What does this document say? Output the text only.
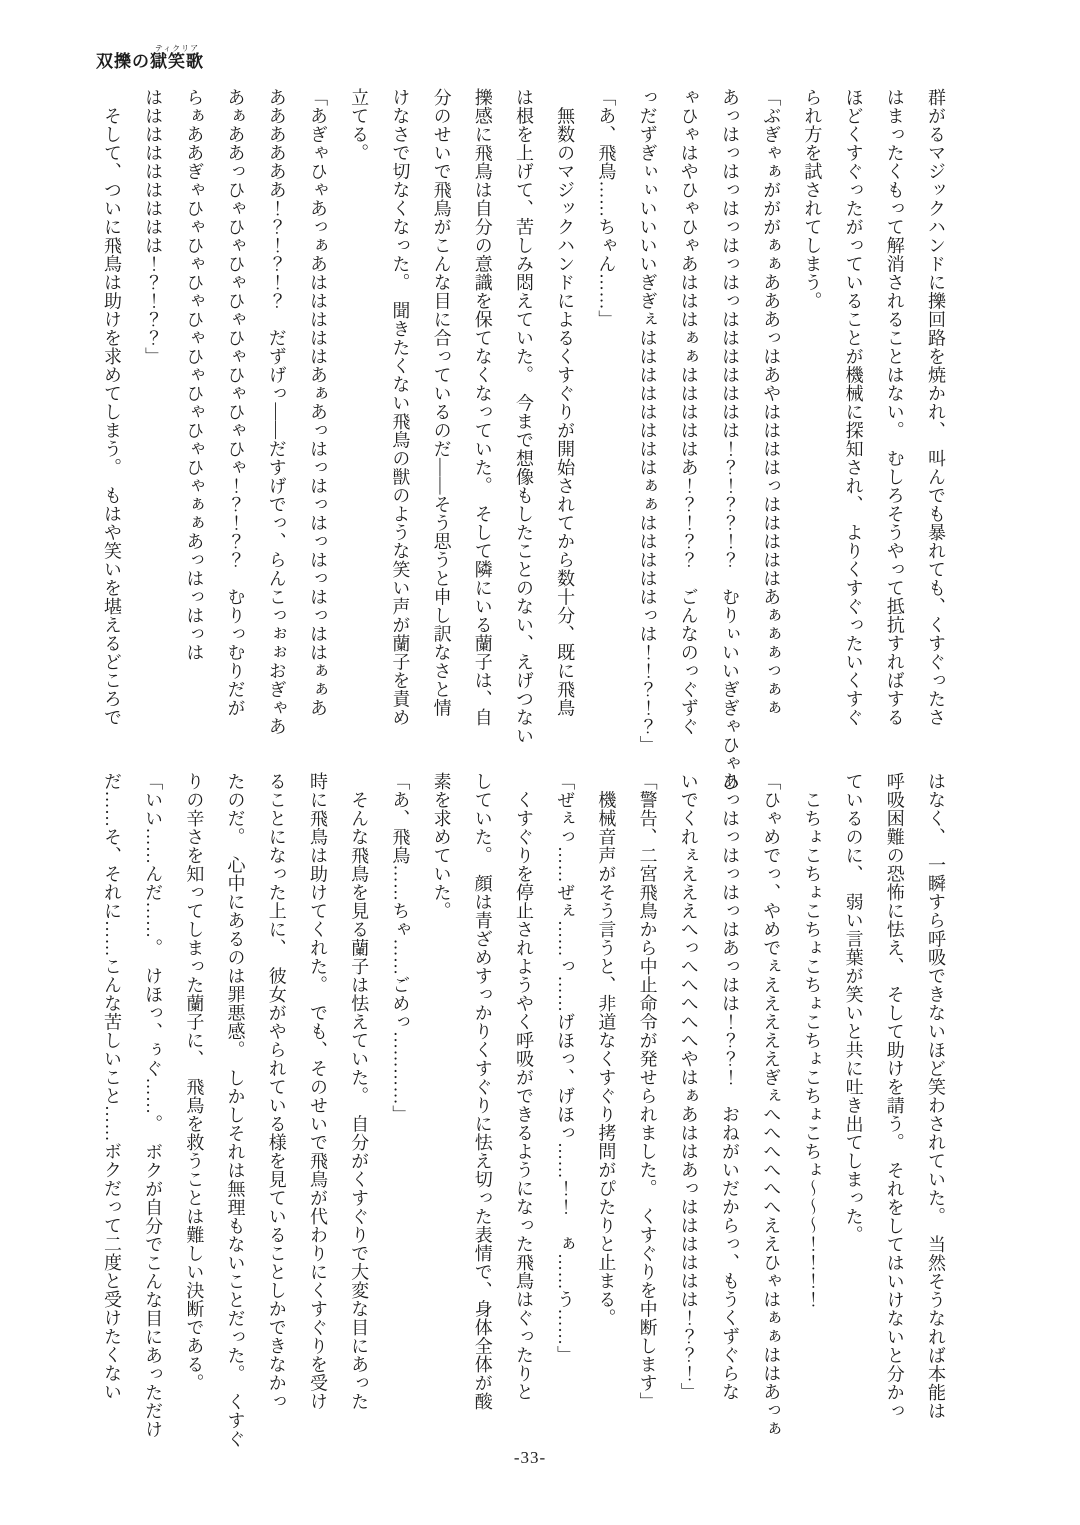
双擽の獄笑歌ティクリア
群がるマジックハンドに擽回路を焼かれ、　叫んでも暴れても、くすぐったさ
はまったくもって解消されることはない。　むしろそうやって抵抗すればする
ほどくすぐったがっていることが機械に探知され、　よりくすぐったいくすぐ
られ方を試されてしまう。
「ぶぎゃぁがががぁぁあああっはあやははははっはははははあぁぁぁっぁぁ
あっはっはっはっはっはっははははははは！？！？？！？　むりぃいいぎぎゃひゃひ
ゃひゃはやひゃひゃあはははぁぁはははははあ！？！？？　ごんなのっぐずぐ
っだずぎぃぃいいいいぎぎぇははははははははぁぁはははははっは！！？！？」
「あ、飛鳥……ちゃん……」
　無数のマジックハンドによるくすぐりが開始されてから数十分、既に飛鳥
は根を上げて、苦しみ悶えていた。　今まで想像もしたことのない、えげつない
擽感に飛鳥は自分の意識を保てなくなっていた。　そして隣にいる蘭子は、自
分のせいで飛鳥がこんな目に合っているのだ――そう思うと申し訳なさと情
けなさで切なくなった。　聞きたくない飛鳥の獣のような笑い声が蘭子を責め
立てる。
「あぎゃひゃあっぁあはははははあぁあっはっはっはっはっはっははぁぁあ
ああああああ！？！？！？　だずげっ――だすげでっ、らんこっぉぉおぎゃあ
あぁああっひゃひゃひゃひゃひゃひゃひゃひゃ！？！？？　むりっむりだが
らぁああぎゃひゃひゃひゃひゃひゃひゃひゃひゃぁぁあっはっはっは
ははははははははは！？！？？」
　そして、ついに飛鳥は助けを求めてしまう。　もはや笑いを堪えるどころで
はなく、　一瞬すら呼吸できないほど笑わされていた。　当然そうなれば本能は
呼吸困難の恐怖に怯え、　そして助けを請う。　それをしてはいけないと分かっ
ているのに、　弱い言葉が笑いと共に吐き出てしまった。
　こちょこちょこちょこちょこちょこちょこちょ～～～！！！！
「ひゃめでっ、やめでぇえええええぎぇへへへへへへええひゃはぁぁははあっぁ
あっはっはっはっはあっはは！？？！　おねがいだからっ、もうくずぐらな
いでくれぇえええへっへへへへへやはぁあははあっはははははは！？？！」
「警告、二宮飛鳥から中止命令が発せられました。　くすぐりを中断します」
　機械音声がそう言うと、非道なくすぐり拷問がぴたりと止まる。
「ぜぇっ……ぜぇ……っ……げほっ、げほっ……！！　ぁ……う……」
　くすぐりを停止されようやく呼吸ができるようになった飛鳥はぐったりと
していた。　顔は青ざめすっかりくすぐりに怯え切った表情で、身体全体が酸
素を求めていた。
「あ、飛鳥……ちゃ……ごめっ…………」
　そんな飛鳥を見る蘭子は怯えていた。　自分がくすぐりで大変な目にあった
時に飛鳥は助けてくれた。　でも、そのせいで飛鳥が代わりにくすぐりを受け
ることになった上に、　彼女がやられている様を見ていることしかできなかっ
たのだ。　心中にあるのは罪悪感。　しかしそれは無理もないことだった。　くすぐ
りの辛さを知ってしまった蘭子に、　飛鳥を救うことは難しい決断である。
「いい……んだ……。　けほっ、ぅぐ……。　ボクが自分でこんな目にあっただけ
だ……そ、それに……こんな苦しいこと……ボクだって二度と受けたくない
-33-
